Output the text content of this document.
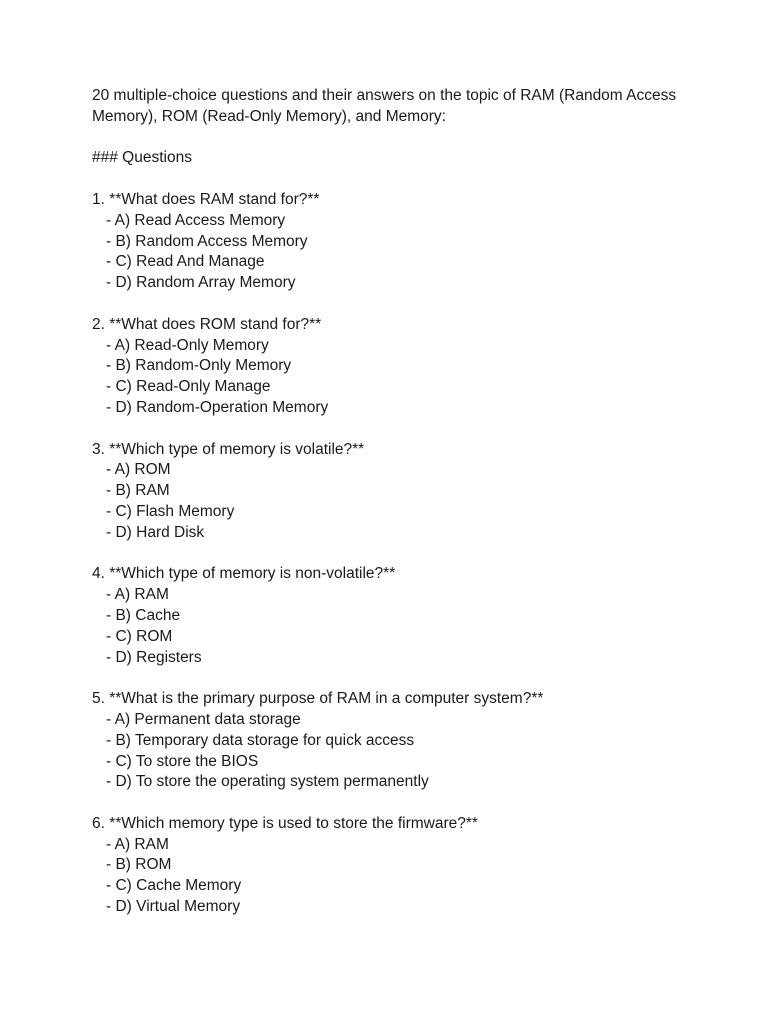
20 multiple-choice questions and their answers on the topic of RAM (Random Access Memory), ROM (Read-Only Memory), and Memory:
### Questions
1. **What does RAM stand for?**
- A) Read Access Memory
- B) Random Access Memory
- C) Read And Manage
- D) Random Array Memory
2. **What does ROM stand for?**
- A) Read-Only Memory
- B) Random-Only Memory
- C) Read-Only Manage
- D) Random-Operation Memory
3. **Which type of memory is volatile?**
- A) ROM
- B) RAM
- C) Flash Memory
- D) Hard Disk
4. **Which type of memory is non-volatile?**
- A) RAM
- B) Cache
- C) ROM
- D) Registers
5. **What is the primary purpose of RAM in a computer system?**
- A) Permanent data storage
- B) Temporary data storage for quick access
- C) To store the BIOS
- D) To store the operating system permanently
6. **Which memory type is used to store the firmware?**
- A) RAM
- B) ROM
- C) Cache Memory
- D) Virtual Memory
